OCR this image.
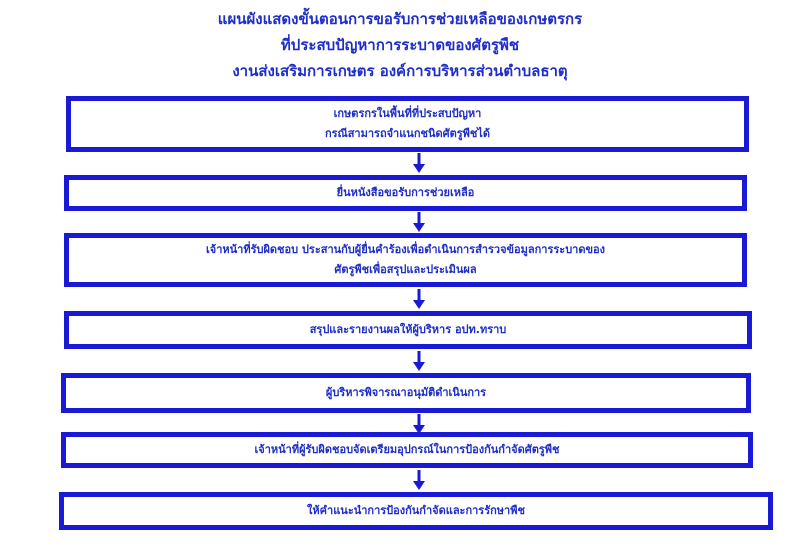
แผนผังแสดงขั้นตอนการขอรับการช่วยเหลือของเกษตรกร
ที่ประสบปัญหาการระบาดของศัตรูพืช
งานส่งเสริมการเกษตร องค์การบริหารส่วนตำบลธาตุ
เกษตรกรในพื้นที่ที่ประสบปัญหา
กรณีสามารถจำแนกชนิดศัตรูพืชได้
ยื่นหนังสือขอรับการช่วยเหลือ
เจ้าหน้าที่รับผิดชอบ ประสานกับผู้ยื่นคำร้องเพื่อดำเนินการสำรวจข้อมูลการระบาดของ
ศัตรูพืชเพื่อสรุปและประเมินผล
สรุปและรายงานผลให้ผู้บริหาร อปท.ทราบ
ผู้บริหารพิจารณาอนุมัติดำเนินการ
เจ้าหน้าที่ผู้รับผิดชอบจัดเตรียมอุปกรณ์ในการป้องกันกำจัดศัตรูพืช
ให้คำแนะนำการป้องกันกำจัดและการรักษาพืช
